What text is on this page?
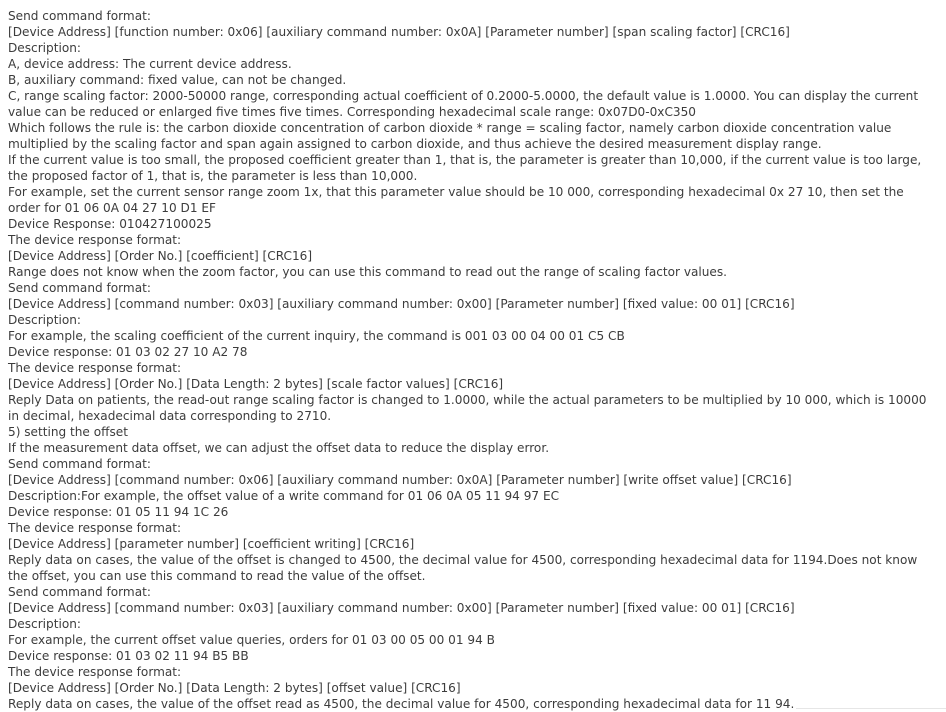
Send command format:

[Device Address] [function number: 0x06] [auxiliary command number: 0x0A] [Parameter number] [span scaling factor] [CRC16]

Description:

A, device address: The current device address.

B, auxiliary command: fixed value, can not be changed.

C, range scaling factor: 2000-50000 range, corresponding actual coefficient of 0.2000-5.0000, the default value is 1.0000. You can display the current value can be reduced or enlarged five times five times. Corresponding hexadecimal scale range: 0x07D0-0xC350

Which follows the rule is: the carbon dioxide concentration of carbon dioxide * range = scaling factor, namely carbon dioxide concentration value multiplied by the scaling factor and span again assigned to carbon dioxide, and thus achieve the desired measurement display range.

If the current value is too small, the proposed coefficient greater than 1, that is, the parameter is greater than 10,000, if the current value is too large, the proposed factor of 1, that is, the parameter is less than 10,000.

For example, set the current sensor range zoom 1x, that this parameter value should be 10 000, corresponding hexadecimal 0x 27 10, then set the order for 01 06 0A 04 27 10 D1 EF

Device Response: 010427100025

The device response format:

[Device Address] [Order No.] [coefficient] [CRC16]

Range does not know when the zoom factor, you can use this command to read out the range of scaling factor values.

Send command format:

[Device Address] [command number: 0x03] [auxiliary command number: 0x00] [Parameter number] [fixed value: 00 01] [CRC16]

Description:

For example, the scaling coefficient of the current inquiry, the command is 001 03 00 04 00 01 C5 CB

Device response: 01 03 02 27 10 A2 78

The device response format:

[Device Address] [Order No.] [Data Length: 2 bytes] [scale factor values] [CRC16]

Reply Data on patients, the read-out range scaling factor is changed to 1.0000, while the actual parameters to be multiplied by 10 000, which is 10000 in decimal, hexadecimal data corresponding to 2710.

5) setting the offset

If the measurement data offset, we can adjust the offset data to reduce the display error.

Send command format:

[Device Address] [command number: 0x06] [auxiliary command number: 0x0A] [Parameter number] [write offset value] [CRC16]

Description:For example, the offset value of a write command for 01 06 0A 05 11 94 97 EC

Device response: 01 05 11 94 1C 26

The device response format:

[Device Address] [parameter number] [coefficient writing] [CRC16]

Reply data on cases, the value of the offset is changed to 4500, the decimal value for 4500, corresponding hexadecimal data for 1194.Does not know the offset, you can use this command to read the value of the offset.

Send command format:

[Device Address] [command number: 0x03] [auxiliary command number: 0x00] [Parameter number] [fixed value: 00 01] [CRC16]

Description:

For example, the current offset value queries, orders for 01 03 00 05 00 01 94 B

Device response: 01 03 02 11 94 B5 BB

The device response format:

[Device Address] [Order No.] [Data Length: 2 bytes] [offset value] [CRC16]

Reply data on cases, the value of the offset read as 4500, the decimal value for 4500, corresponding hexadecimal data for 11 94.
